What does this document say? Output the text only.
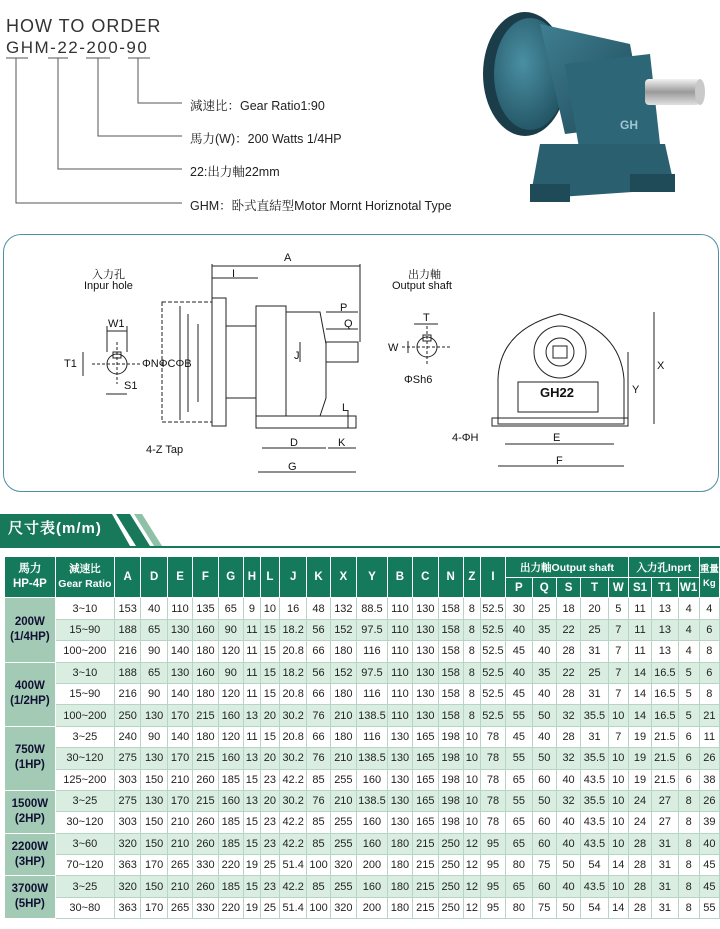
HOW TO ORDER
GHM-22-200-90
減速比：Gear Ratio1:90
馬力(W)：200 Watts 1/4HP
22:出力軸22mm
GHM：卧式直結型Motor Mornt Horiznotal Type
GH
入力孔
Inpur hole
出力軸
Output shaft
A
I
P
Q
J
L
D	K
G
ΦNΦCΦB
4-Z Tap
W1
T1
S1
T
W
ΦSh6
GH22
4-ΦH	E
F
Y
X
尺寸表(m/m)
馬力
HP-4P	減速比
Gear Ratio	A	D	E	F	G	H	L	J	K	X	Y	B	C	N	Z	I	出力軸Output shaft					入力孔Inprt			重量
Kg
																		P	Q	S	T	W	S1	T1	W1	
200W
(1/4HP)	3~10	153	40	110	135	65	9	10	16	48	132	88.5	110	130	158	8	52.5	30	25	18	20	5	11	13	4	4
	15~90	188	65	130	160	90	11	15	18.2	56	152	97.5	110	130	158	8	52.5	40	35	22	25	7	11	13	4	6
	100~200	216	90	140	180	120	11	15	20.8	66	180	116	110	130	158	8	52.5	45	40	28	31	7	11	13	4	8
400W
(1/2HP)	3~10	188	65	130	160	90	11	15	18.2	56	152	97.5	110	130	158	8	52.5	40	35	22	25	7	14	16.5	5	6
	15~90	216	90	140	180	120	11	15	20.8	66	180	116	110	130	158	8	52.5	45	40	28	31	7	14	16.5	5	8
	100~200	250	130	170	215	160	13	20	30.2	76	210	138.5	110	130	158	8	52.5	55	50	32	35.5	10	14	16.5	5	21
750W
(1HP)	3~25	240	90	140	180	120	11	15	20.8	66	180	116	130	165	198	10	78	45	40	28	31	7	19	21.5	6	11
	30~120	275	130	170	215	160	13	20	30.2	76	210	138.5	130	165	198	10	78	55	50	32	35.5	10	19	21.5	6	26
	125~200	303	150	210	260	185	15	23	42.2	85	255	160	130	165	198	10	78	65	60	40	43.5	10	19	21.5	6	38
1500W
(2HP)	3~25	275	130	170	215	160	13	20	30.2	76	210	138.5	130	165	198	10	78	55	50	32	35.5	10	24	27	8	26
	30~120	303	150	210	260	185	15	23	42.2	85	255	160	130	165	198	10	78	65	60	40	43.5	10	24	27	8	39
2200W
(3HP)	3~60	320	150	210	260	185	15	23	42.2	85	255	160	180	215	250	12	95	65	60	40	43.5	10	28	31	8	40
	70~120	363	170	265	330	220	19	25	51.4	100	320	200	180	215	250	12	95	80	75	50	54	14	28	31	8	45
3700W
(5HP)	3~25	320	150	210	260	185	15	23	42.2	85	255	160	180	215	250	12	95	65	60	40	43.5	10	28	31	8	45
	30~80	363	170	265	330	220	19	25	51.4	100	320	200	180	215	250	12	95	80	75	50	54	14	28	31	8	55
